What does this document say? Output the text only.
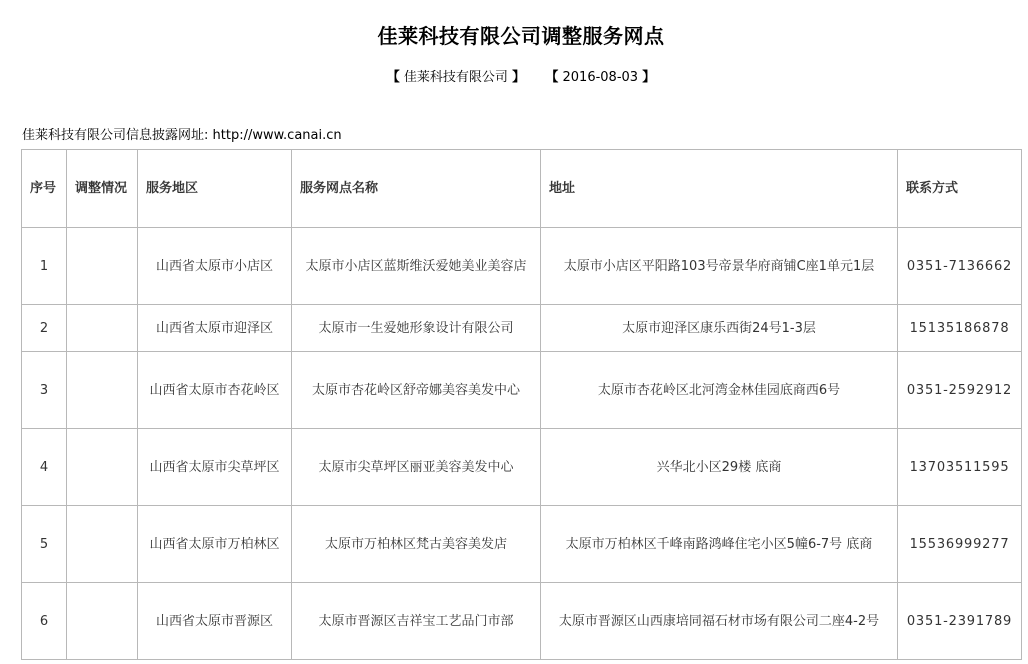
佳莱科技有限公司调整服务网点
【 佳莱科技有限公司 】 【 2016-08-03 】
佳莱科技有限公司信息披露网址: http://www.canai.cn
序号	调整情况	服务地区	服务网点名称	地址	联系方式
1		山西省太原市小店区	太原市小店区蓝斯维沃爱她美业美容店	太原市小店区平阳路103号帝景华府商铺C座1单元1层	0351-7136662
2		山西省太原市迎泽区	太原市一生爱她形象设计有限公司	太原市迎泽区康乐西街24号1-3层	15135186878
3		山西省太原市杏花岭区	太原市杏花岭区舒帝娜美容美发中心	太原市杏花岭区北河湾金林佳园底商西6号	0351-2592912
4		山西省太原市尖草坪区	太原市尖草坪区丽亚美容美发中心	兴华北小区29楼 底商	13703511595
5		山西省太原市万柏林区	太原市万柏林区梵古美容美发店	太原市万柏林区千峰南路鸿峰住宅小区5幢6-7号 底商	15536999277
6		山西省太原市晋源区	太原市晋源区吉祥宝工艺品门市部	太原市晋源区山西康培同福石材市场有限公司二座4-2号	0351-2391789
